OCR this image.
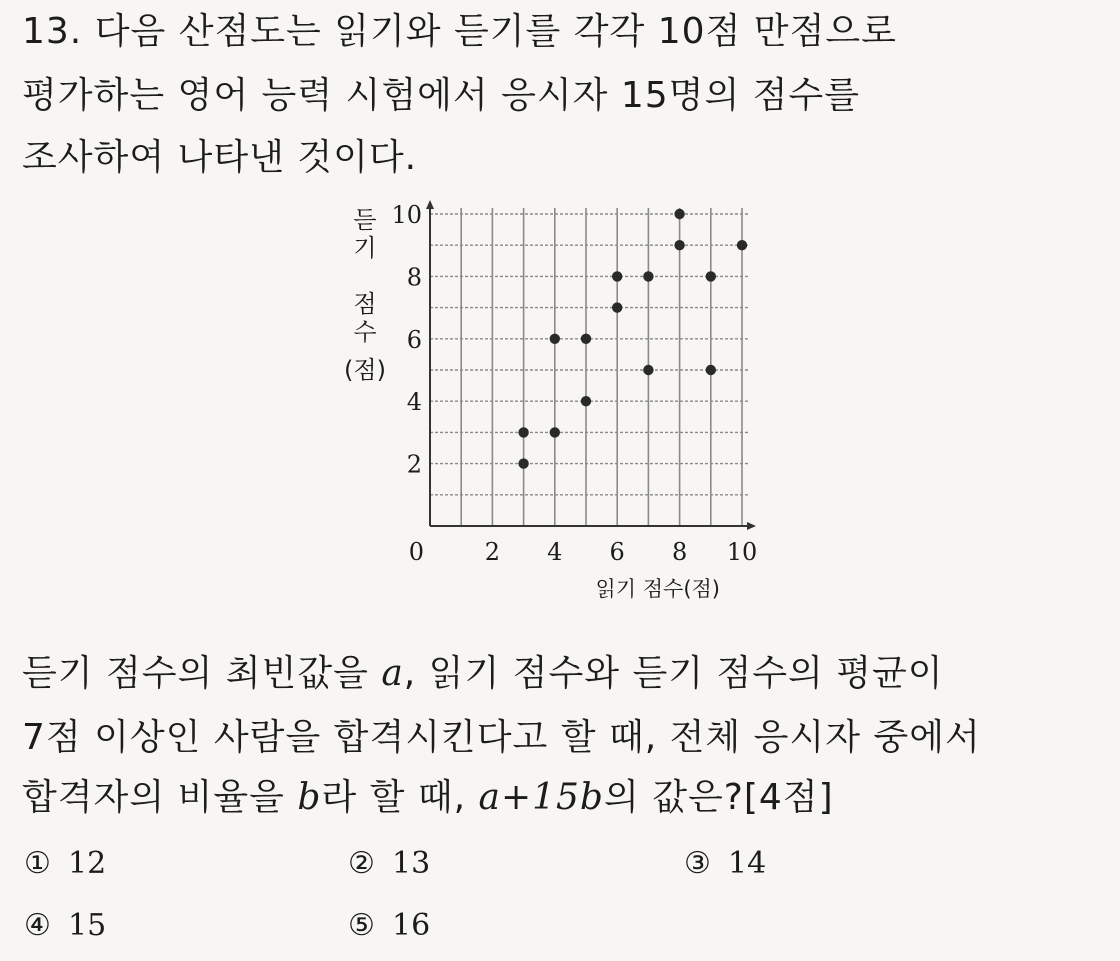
13. 다음 산점도는 읽기와 듣기를 각각 10점 만점으로
평가하는 영어 능력 시험에서 응시자 15명의 점수를
조사하여 나타낸 것이다.
듣
기
점
수
(점)
0	2 4 6 8 10
2
4
6
8
10
읽기 점수(점)
듣기 점수의 최빈값을 a, 읽기 점수와 듣기 점수의 평균이
7점 이상인 사람을 합격시킨다고 할 때, 전체 응시자 중에서
합격자의 비율을 b라 할 때, a+15b의 값은?[4점]
① 12	② 13	③ 14
④ 15	⑤ 16
